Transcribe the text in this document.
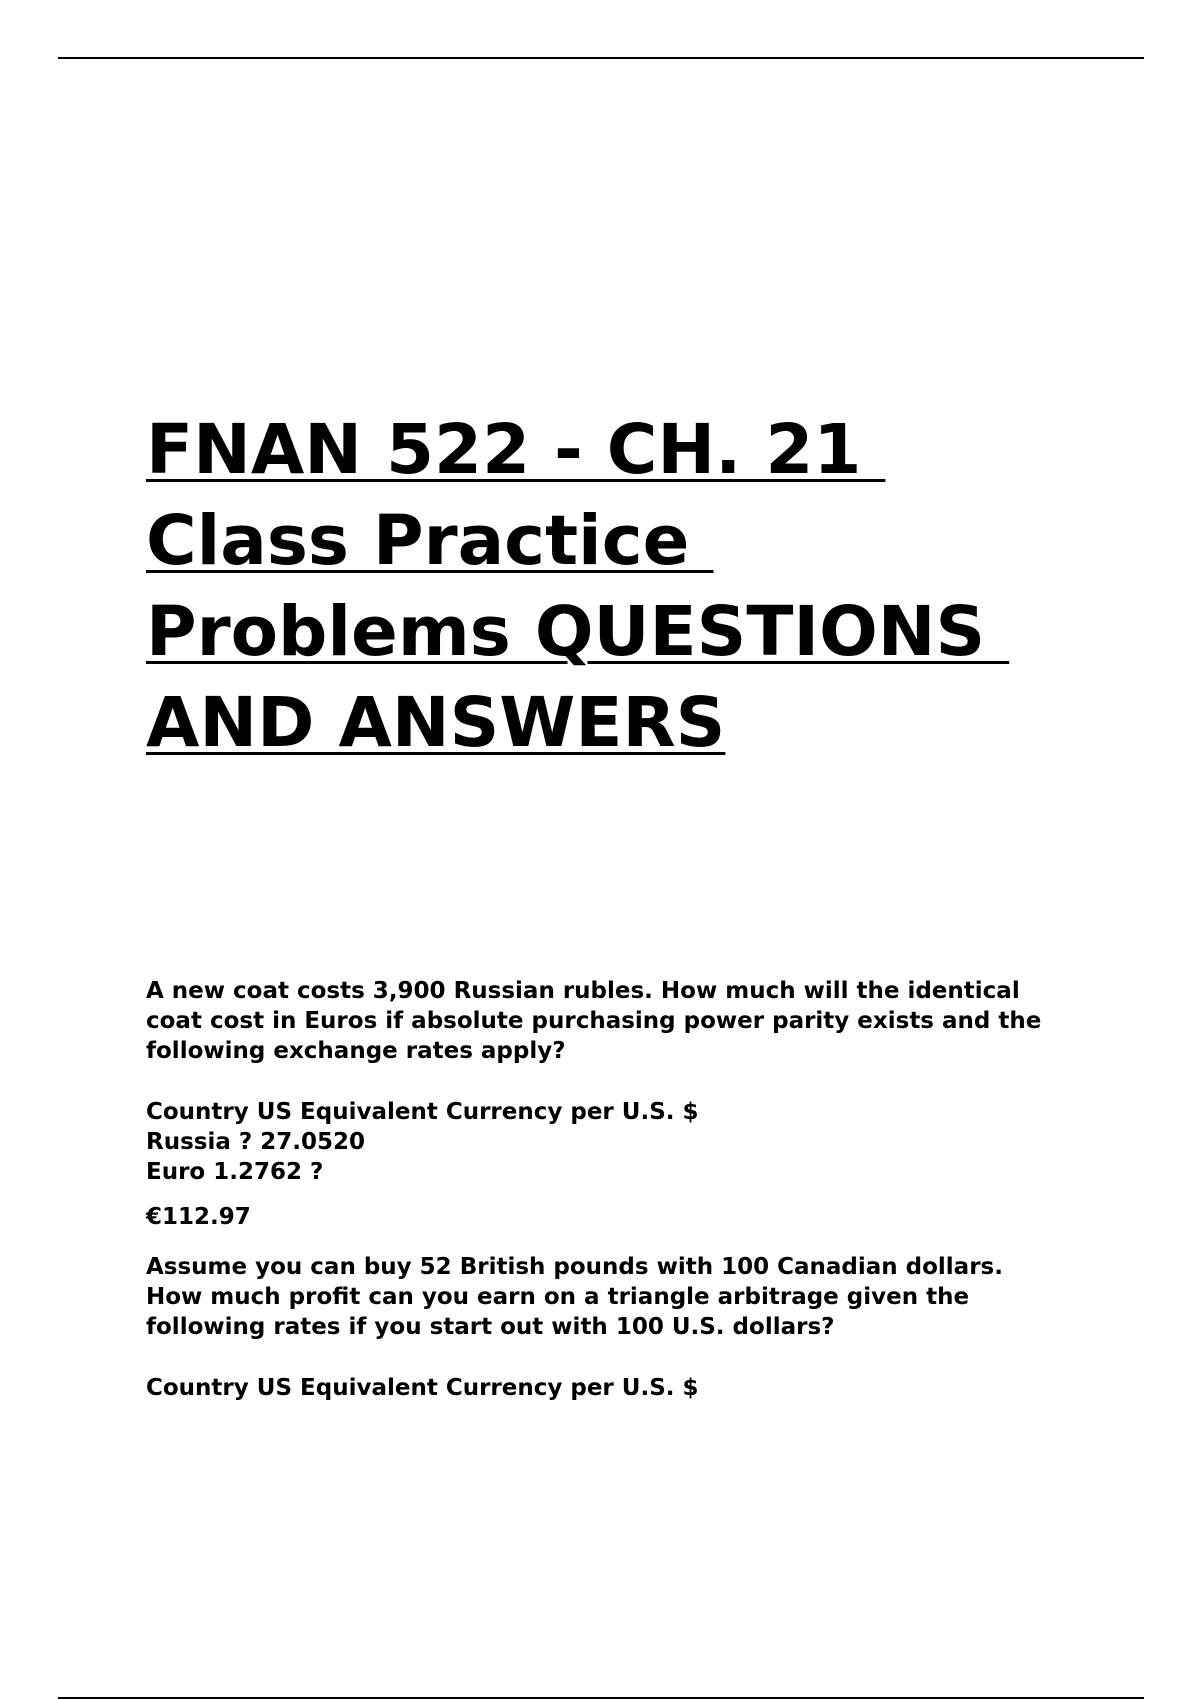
FNAN 522 - CH. 21
Class Practice
Problems QUESTIONS
AND ANSWERS

A new coat costs 3,900 Russian rubles. How much will the identical
coat cost in Euros if absolute purchasing power parity exists and the
following exchange rates apply?

Country US Equivalent Currency per U.S. $
Russia ? 27.0520
Euro 1.2762 ?

€112.97

Assume you can buy 52 British pounds with 100 Canadian dollars.
How much profit can you earn on a triangle arbitrage given the
following rates if you start out with 100 U.S. dollars?

Country US Equivalent Currency per U.S. $
